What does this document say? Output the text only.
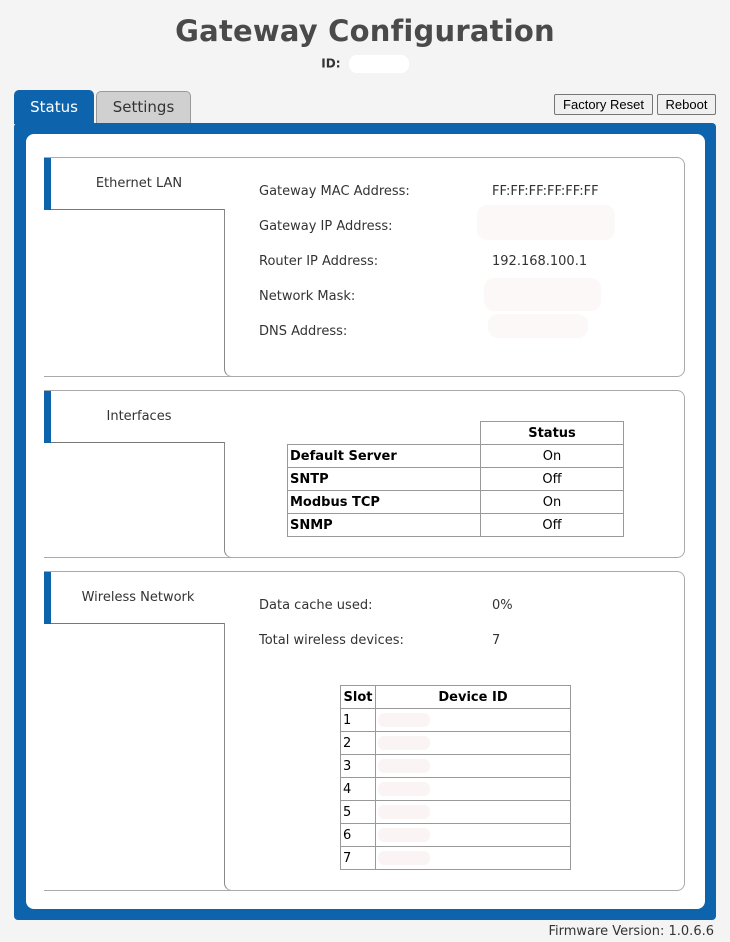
Gateway Configuration
ID:
Status	Settings	Factory Reset	Reboot
Ethernet LAN
Gateway MAC Address:	FF:FF:FF:FF:FF:FF
Gateway IP Address:
Router IP Address:	192.168.100.1
Network Mask:
DNS Address:
Interfaces
	Status
Default Server	On
SNTP	Off
Modbus TCP	On
SNMP	Off
Wireless Network
Data cache used:	0%
Total wireless devices:	7
Slot	Device ID
1	

2	

3	

4	

5	

6	

7	
Firmware Version: 1.0.6.6
